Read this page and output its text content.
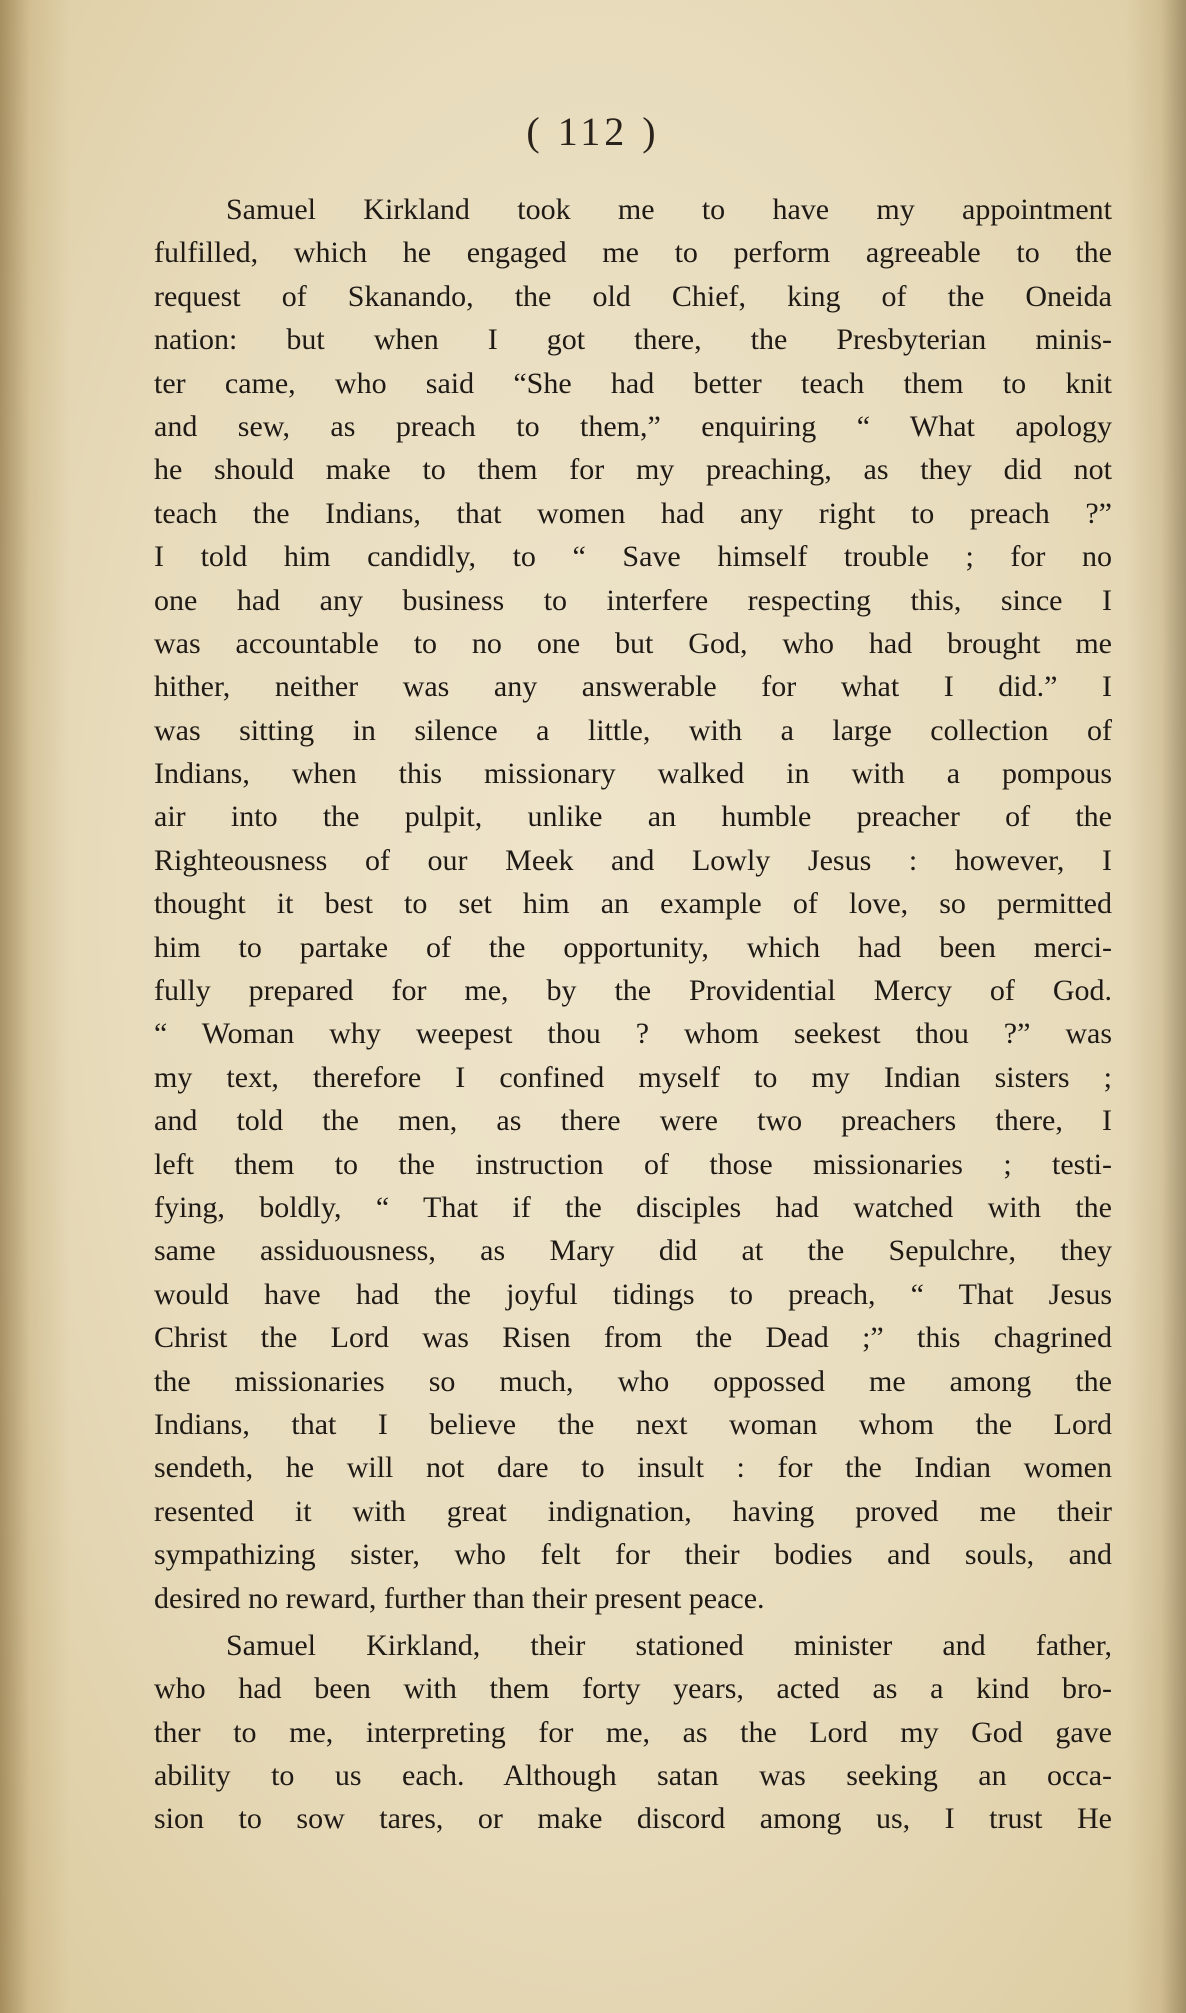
( 112 )
Samuel Kirkland took me to have my appointment
fulfilled, which he engaged me to perform agreeable to the
request of Skanando, the old Chief, king of the Oneida
nation: but when I got there, the Presbyterian minis-
ter came, who said “She had better teach them to knit
and sew, as preach to them,” enquiring “ What apology
he should make to them for my preaching, as they did not
teach the Indians, that women had any right to preach ?”
I told him candidly, to “ Save himself trouble ; for no
one had any business to interfere respecting this, since I
was accountable to no one but God, who had brought me
hither, neither was any answerable for what I did.” I
was sitting in silence a little, with a large collection of
Indians, when this missionary walked in with a pompous
air into the pulpit, unlike an humble preacher of the
Righteousness of our Meek and Lowly Jesus : however, I
thought it best to set him an example of love, so permitted
him to partake of the opportunity, which had been merci-
fully prepared for me, by the Providential Mercy of God.
“ Woman why weepest thou ? whom seekest thou ?” was
my text, therefore I confined myself to my Indian sisters ;
and told the men, as there were two preachers there, I
left them to the instruction of those missionaries ; testi-
fying, boldly, “ That if the disciples had watched with the
same assiduousness, as Mary did at the Sepulchre, they
would have had the joyful tidings to preach, “ That Jesus
Christ the Lord was Risen from the Dead ;” this chagrined
the missionaries so much, who oppossed me among the
Indians, that I believe the next woman whom the Lord
sendeth, he will not dare to insult : for the Indian women
resented it with great indignation, having proved me their
sympathizing sister, who felt for their bodies and souls, and
desired no reward, further than their present peace.
Samuel Kirkland, their stationed minister and father,
who had been with them forty years, acted as a kind bro-
ther to me, interpreting for me, as the Lord my God gave
ability to us each. Although satan was seeking an occa-
sion to sow tares, or make discord among us, I trust He
